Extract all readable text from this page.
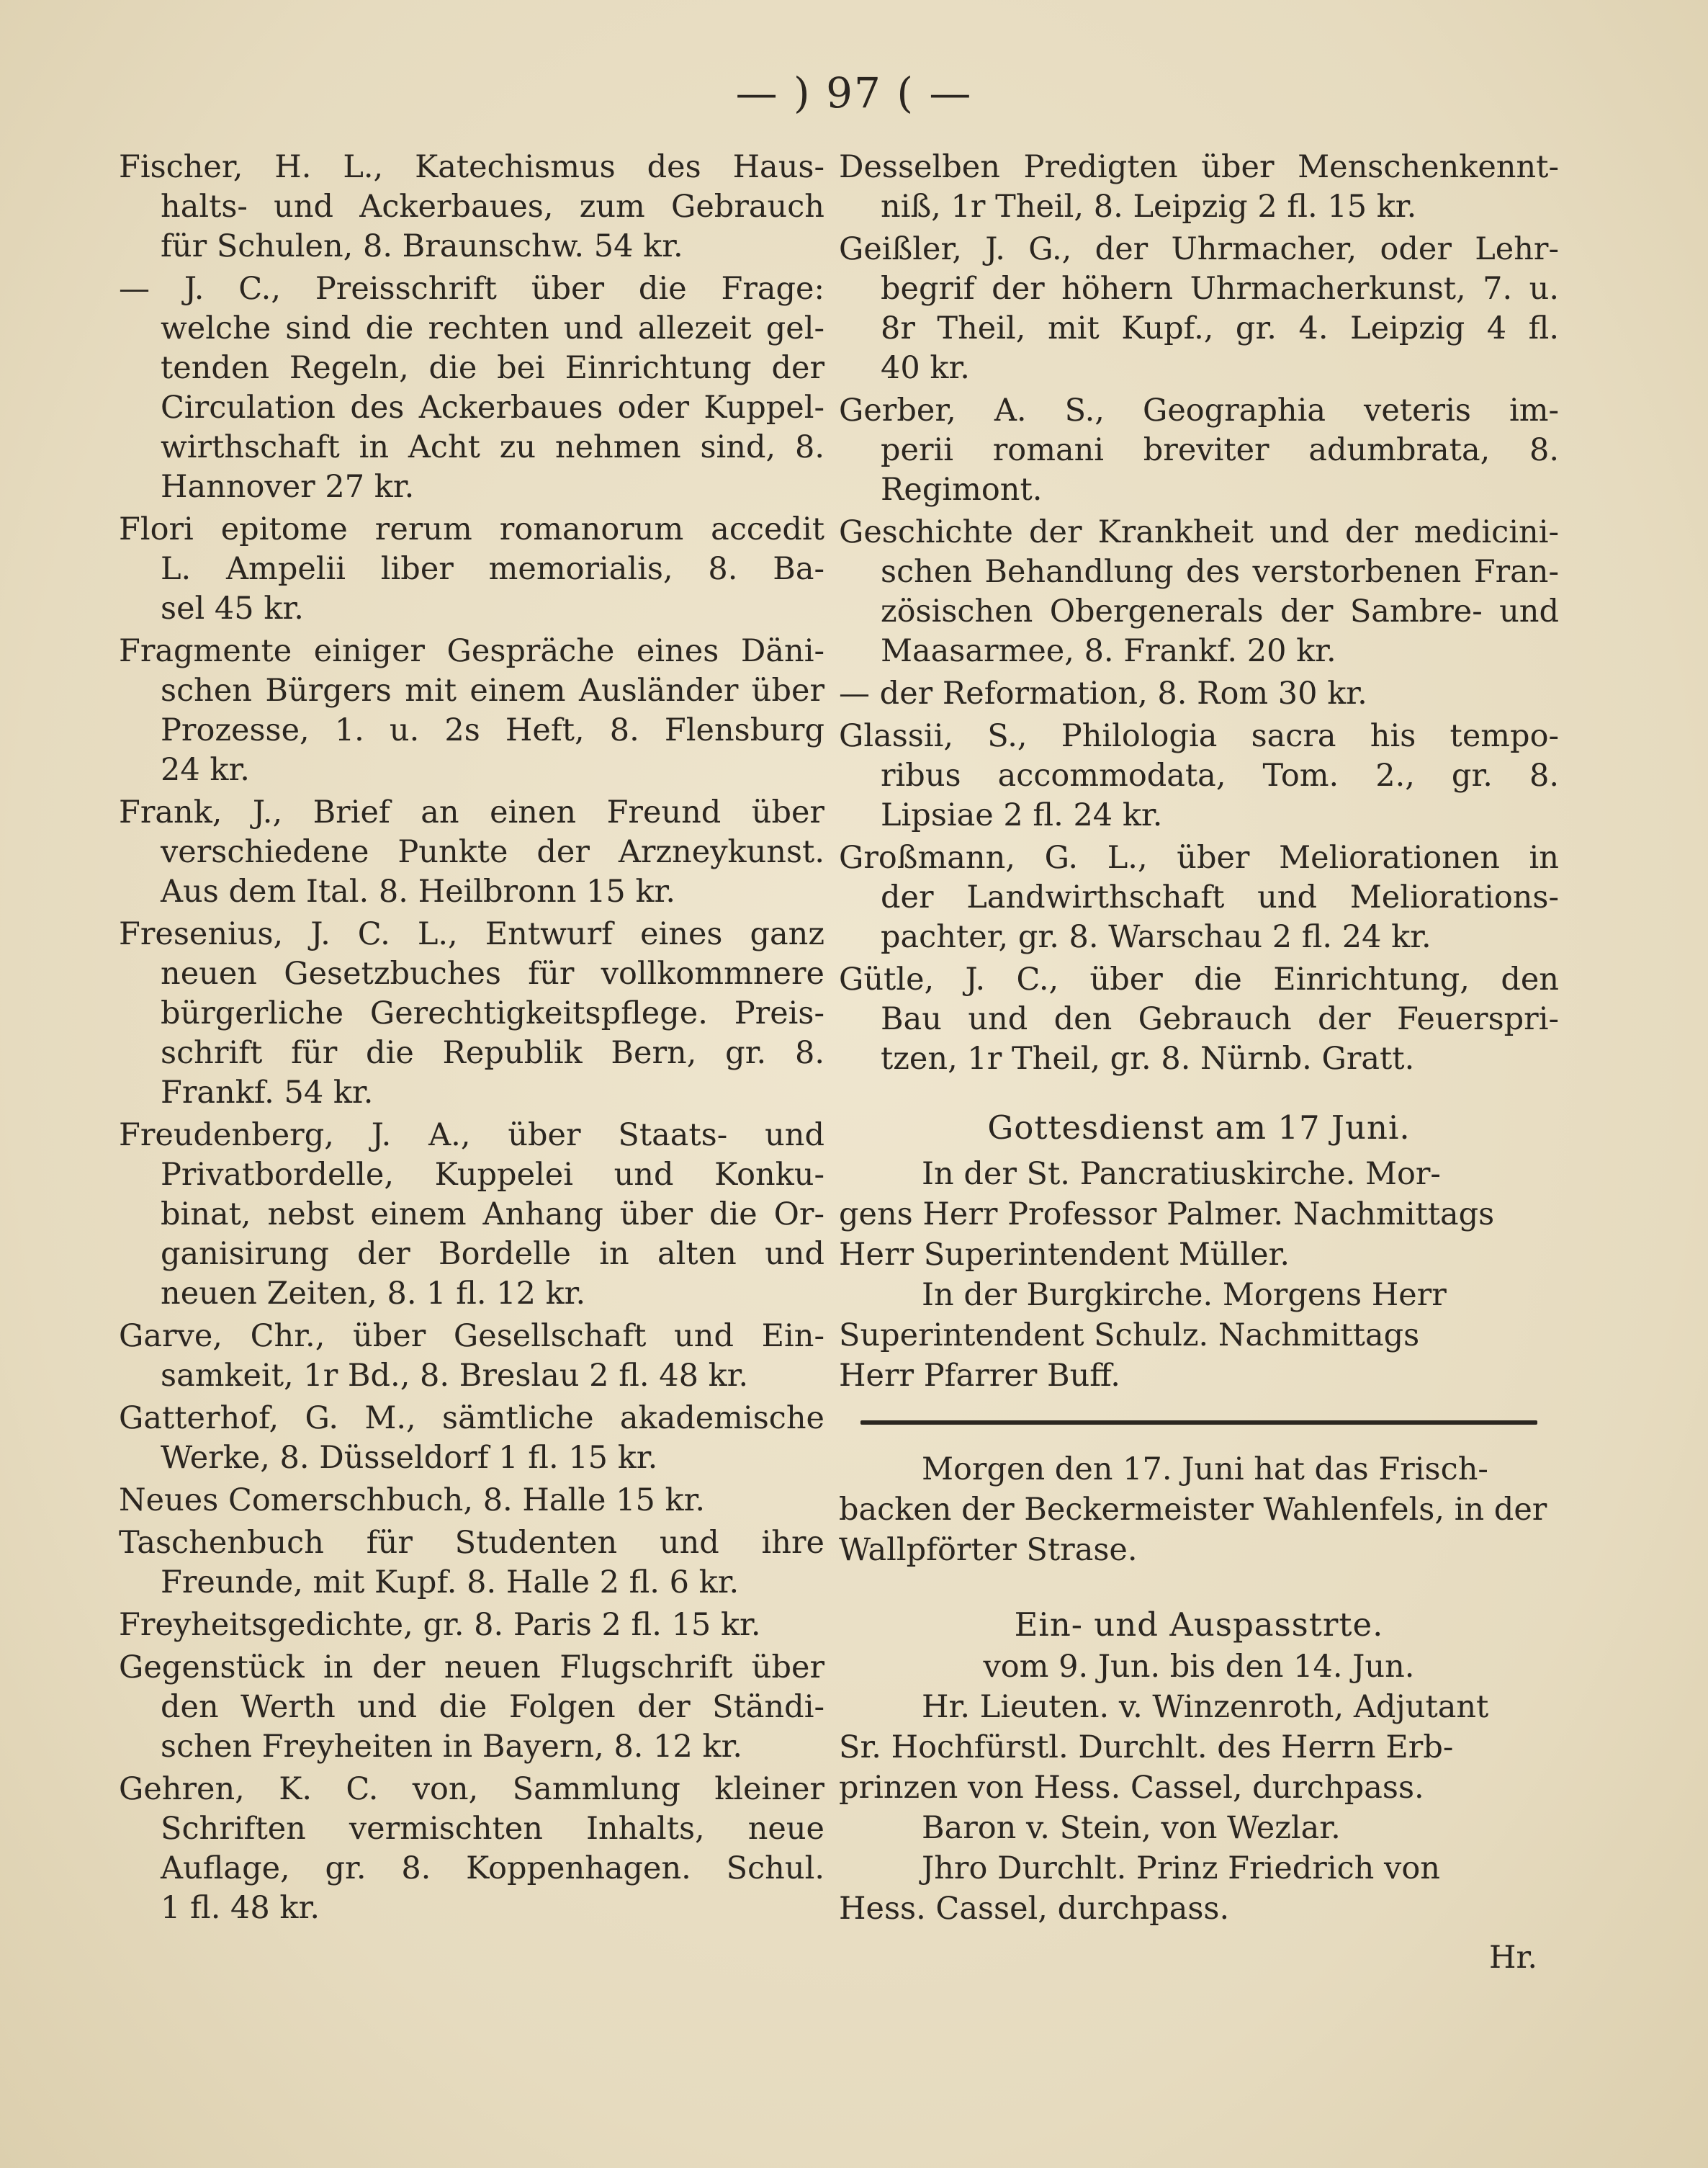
— ) 97 ( —
Fischer, H. L., Katechismus des Haus-
halts- und Ackerbaues, zum Gebrauch
für Schulen, 8. Braunschw. 54 kr.
— J. C., Preisschrift über die Frage:
welche sind die rechten und allezeit gel-
tenden Regeln, die bei Einrichtung der
Circulation des Ackerbaues oder Kuppel-
wirthschaft in Acht zu nehmen sind, 8.
Hannover 27 kr.
Flori epitome rerum romanorum accedit
L. Ampelii liber memorialis, 8. Ba-
sel 45 kr.
Fragmente einiger Gespräche eines Däni-
schen Bürgers mit einem Ausländer über
Prozesse, 1. u. 2s Heft, 8. Flensburg
24 kr.
Frank, J., Brief an einen Freund über
verschiedene Punkte der Arzneykunst.
Aus dem Ital. 8. Heilbronn 15 kr.
Fresenius, J. C. L., Entwurf eines ganz
neuen Gesetzbuches für vollkommnere
bürgerliche Gerechtigkeitspflege. Preis-
schrift für die Republik Bern, gr. 8.
Frankf. 54 kr.
Freudenberg, J. A., über Staats- und
Privatbordelle, Kuppelei und Konku-
binat, nebst einem Anhang über die Or-
ganisirung der Bordelle in alten und
neuen Zeiten, 8. 1 fl. 12 kr.
Garve, Chr., über Gesellschaft und Ein-
samkeit, 1r Bd., 8. Breslau 2 fl. 48 kr.
Gatterhof, G. M., sämtliche akademische
Werke, 8. Düsseldorf 1 fl. 15 kr.
Neues Comerschbuch, 8. Halle 15 kr.
Taschenbuch für Studenten und ihre
Freunde, mit Kupf. 8. Halle 2 fl. 6 kr.
Freyheitsgedichte, gr. 8. Paris 2 fl. 15 kr.
Gegenstück in der neuen Flugschrift über
den Werth und die Folgen der Ständi-
schen Freyheiten in Bayern, 8. 12 kr.
Gehren, K. C. von, Sammlung kleiner
Schriften vermischten Inhalts, neue
Auflage, gr. 8. Koppenhagen. Schul.
1 fl. 48 kr.
Desselben Predigten über Menschenkennt-
niß, 1r Theil, 8. Leipzig 2 fl. 15 kr.
Geißler, J. G., der Uhrmacher, oder Lehr-
begrif der höhern Uhrmacherkunst, 7. u.
8r Theil, mit Kupf., gr. 4. Leipzig 4 fl.
40 kr.
Gerber, A. S., Geographia veteris im-
perii romani breviter adumbrata, 8.
Regimont.
Geschichte der Krankheit und der medicini-
schen Behandlung des verstorbenen Fran-
zösischen Obergenerals der Sambre- und
Maasarmee, 8. Frankf. 20 kr.
— der Reformation, 8. Rom 30 kr.
Glassii, S., Philologia sacra his tempo-
ribus accommodata, Tom. 2., gr. 8.
Lipsiae 2 fl. 24 kr.
Großmann, G. L., über Meliorationen in
der Landwirthschaft und Meliorations-
pachter, gr. 8. Warschau 2 fl. 24 kr.
Gütle, J. C., über die Einrichtung, den
Bau und den Gebrauch der Feuerspri-
tzen, 1r Theil, gr. 8. Nürnb. Gratt.
Gottesdienst am 17 Juni.
In der St. Pancratiuskirche. Mor-
gens Herr Professor Palmer. Nachmittags
Herr Superintendent Müller.
In der Burgkirche. Morgens Herr
Superintendent Schulz. Nachmittags
Herr Pfarrer Buff.
Morgen den 17. Juni hat das Frisch-
backen der Beckermeister Wahlenfels, in der
Wallpförter Strase.
Ein- und Auspasstrte.
vom 9. Jun. bis den 14. Jun.
Hr. Lieuten. v. Winzenroth, Adjutant
Sr. Hochfürstl. Durchlt. des Herrn Erb-
prinzen von Hess. Cassel, durchpass.
Baron v. Stein, von Wezlar.
Jhro Durchlt. Prinz Friedrich von
Hess. Cassel, durchpass.
Hr.
